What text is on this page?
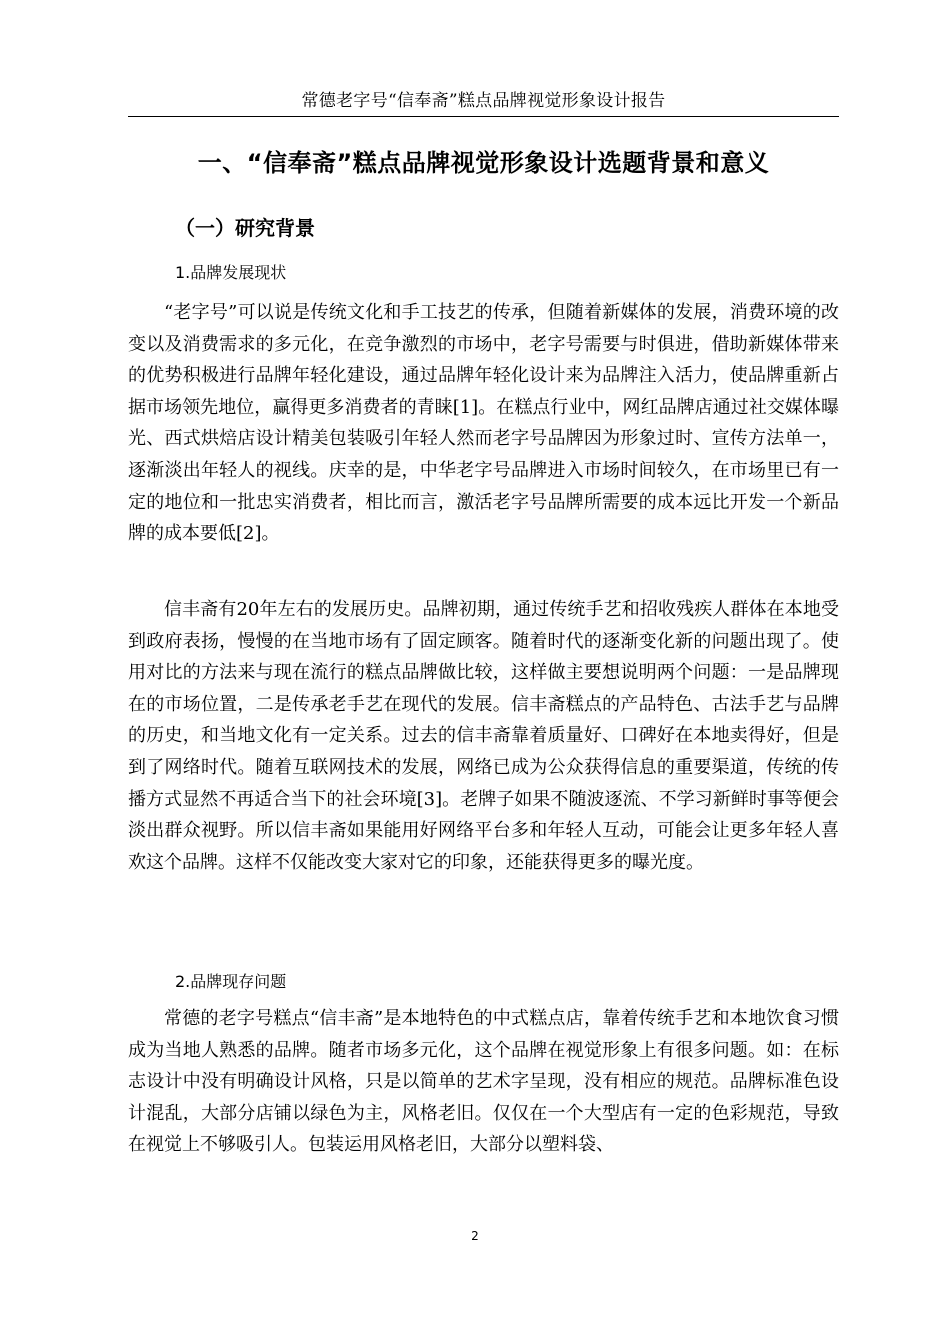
常德老字号“信奉斋”糕点品牌视觉形象设计报告
一、“信奉斋”糕点品牌视觉形象设计选题背景和意义
（一）研究背景
1.品牌发展现状

“老字号”可以说是传统文化和手工技艺的传承，但随着新媒体的发展，消费环境的改变以及消费需求的多元化，在竞争激烈的市场中，老字号需要与时俱进，借助新媒体带来的优势积极进行品牌年轻化建设，通过品牌年轻化设计来为品牌注入活力，使品牌重新占据市场领先地位，赢得更多消费者的青睐[1]。在糕点行业中，网红品牌店通过社交媒体曝光、西式烘焙店设计精美包装吸引年轻人然而老字号品牌因为形象过时、宣传方法单一，逐渐淡出年轻人的视线。庆幸的是，中华老字号品牌进入市场时间较久，在市场里已有一定的地位和一批忠实消费者，相比而言，激活老字号品牌所需要的成本远比开发一个新品牌的成本要低[2]。

信丰斋有20年左右的发展历史。品牌初期，通过传统手艺和招收残疾人群体在本地受到政府表扬，慢慢的在当地市场有了固定顾客。随着时代的逐渐变化新的问题出现了。使用对比的方法来与现在流行的糕点品牌做比较，这样做主要想说明两个问题：一是品牌现在的市场位置，二是传承老手艺在现代的发展。信丰斋糕点的产品特色、古法手艺与品牌的历史，和当地文化有一定关系。过去的信丰斋靠着质量好、口碑好在本地卖得好，但是到了网络时代。随着互联网技术的发展，网络已成为公众获得信息的重要渠道，传统的传播方式显然不再适合当下的社会环境[3]。老牌子如果不随波逐流、不学习新鲜时事等便会淡出群众视野。所以信丰斋如果能用好网络平台多和年轻人互动，可能会让更多年轻人喜欢这个品牌。这样不仅能改变大家对它的印象，还能获得更多的曝光度。

2.品牌现存问题

常德的老字号糕点“信丰斋”是本地特色的中式糕点店，靠着传统手艺和本地饮食习惯成为当地人熟悉的品牌。随者市场多元化，这个品牌在视觉形象上有很多问题。如：在标志设计中没有明确设计风格，只是以简单的艺术字呈现，没有相应的规范。品牌标准色设计混乱，大部分店铺以绿色为主，风格老旧。仅仅在一个大型店有一定的色彩规范，导致在视觉上不够吸引人。包装运用风格老旧，大部分以塑料袋、

2
